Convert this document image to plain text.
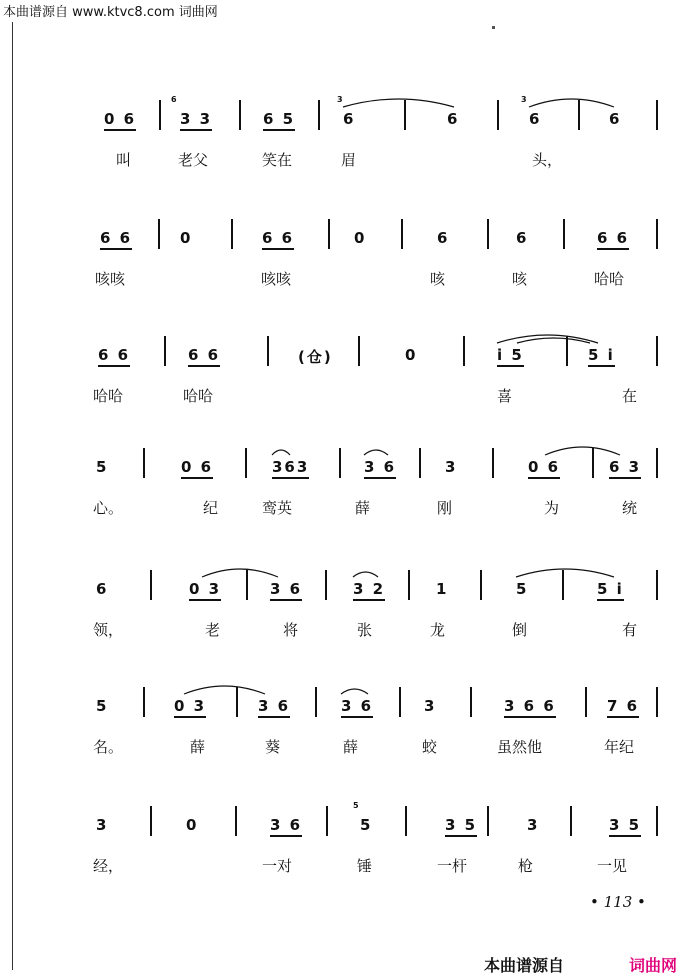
本曲谱源自 www.ktvc8.com 词曲网
0 6	3 3	6 5	6	6	6	6
6	3	3
叫	老父	笑在	眉	头，
6 6	0	6 6	0	6	6	6 6
咳咳	咳咳	咳	咳	哈哈
6 6	6 6	(仓)	0	i 5	5 i
哈哈	哈哈	喜	在
5	0 6	363	3 6	3	0 6	6 3
心。	纪	鸾英	薛	刚	为	统
6	0 3	3 6	3 2	1	5	5 i
领，	老	将	张	龙	倒	有
5	0 3	3 6	3 6	3	3 6 6	7 6
名。	薛	葵	薛	蛟	虽然他	年纪
3	0	3 6	5	3 5	3	3 5
5
经，	一对	锤	一杆	枪	一见
• 113 •
本曲谱源自	词曲网
